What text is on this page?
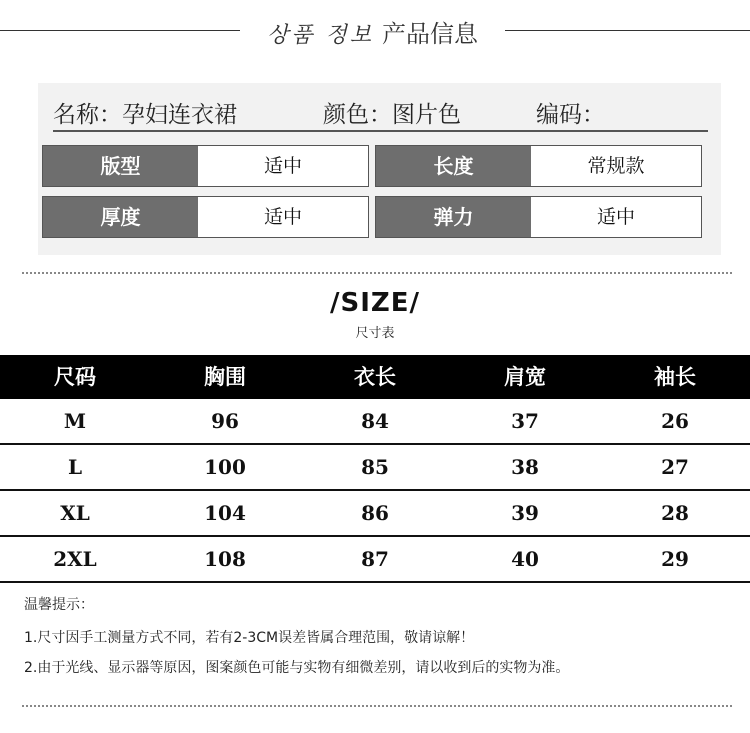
상품 정보 产品信息
名称：孕妇连衣裙	颜色：图片色	编码：
版型	适中	长度	常规款
厚度	适中	弹力	适中
/SIZE/
尺寸表
尺码	胸围	衣长	肩宽	袖长
M	96	84	37	26
L	100	85	38	27
XL	104	86	39	28
2XL	108	87	40	29
温馨提示：
1.尺寸因手工测量方式不同，若有2-3CM误差皆属合理范围，敬请谅解！
2.由于光线、显示器等原因，图案颜色可能与实物有细微差别，请以收到后的实物为准。
